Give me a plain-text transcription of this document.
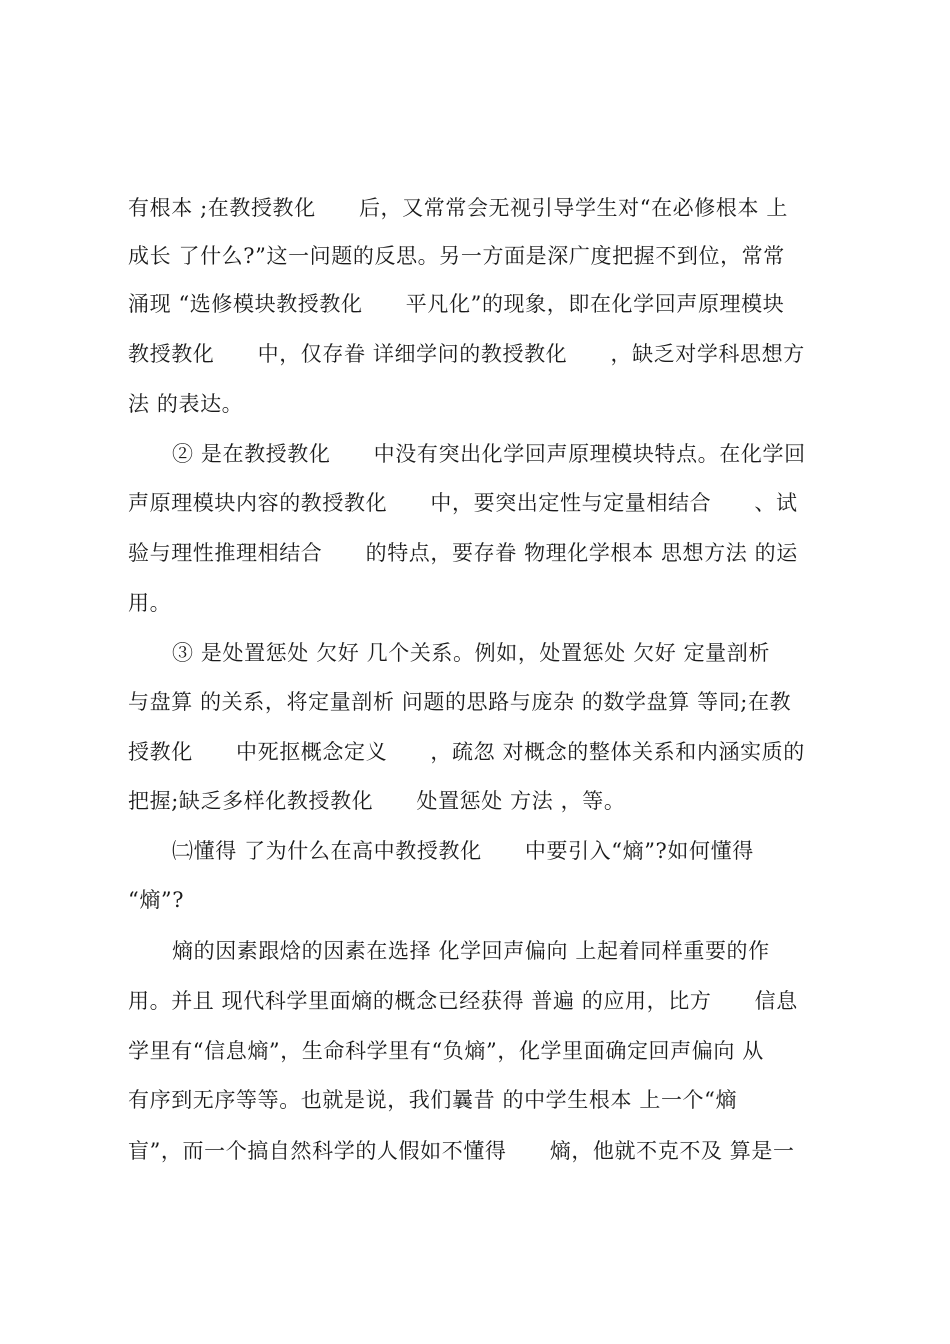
有根本 ;在教授教化　　后，又常常会无视引导学生对“在必修根本 上
成长 了什么?”这一问题的反思。另一方面是深广度把握不到位，常常
涌现 “选修模块教授教化　　平凡化”的现象，即在化学回声原理模块
教授教化　　中，仅存眷 详细学问的教授教化　　，缺乏对学科思想方
法 的表达。
② 是在教授教化　　中没有突出化学回声原理模块特点。在化学回
声原理模块内容的教授教化　　中，要突出定性与定量相结合　　、试
验与理性推理相结合　　的特点，要存眷 物理化学根本 思想方法 的运
用。
③ 是处置惩处 欠好 几个关系。例如，处置惩处 欠好 定量剖析
与盘算 的关系，将定量剖析 问题的思路与庞杂 的数学盘算 等同;在教
授教化　　中死抠概念定义　　，疏忽 对概念的整体关系和内涵实质的
把握;缺乏多样化教授教化　　处置惩处 方法 ，等。
㈡懂得 了为什么在高中教授教化　　中要引入“熵”?如何懂得
“熵”?
熵的因素跟焓的因素在选择 化学回声偏向 上起着同样重要的作
用。并且 现代科学里面熵的概念已经获得 普遍 的应用，比方　　信息
学里有“信息熵”，生命科学里有“负熵”，化学里面确定回声偏向 从
有序到无序等等。也就是说，我们曩昔 的中学生根本 上一个“熵
盲”，而一个搞自然科学的人假如不懂得　　熵，他就不克不及 算是一
